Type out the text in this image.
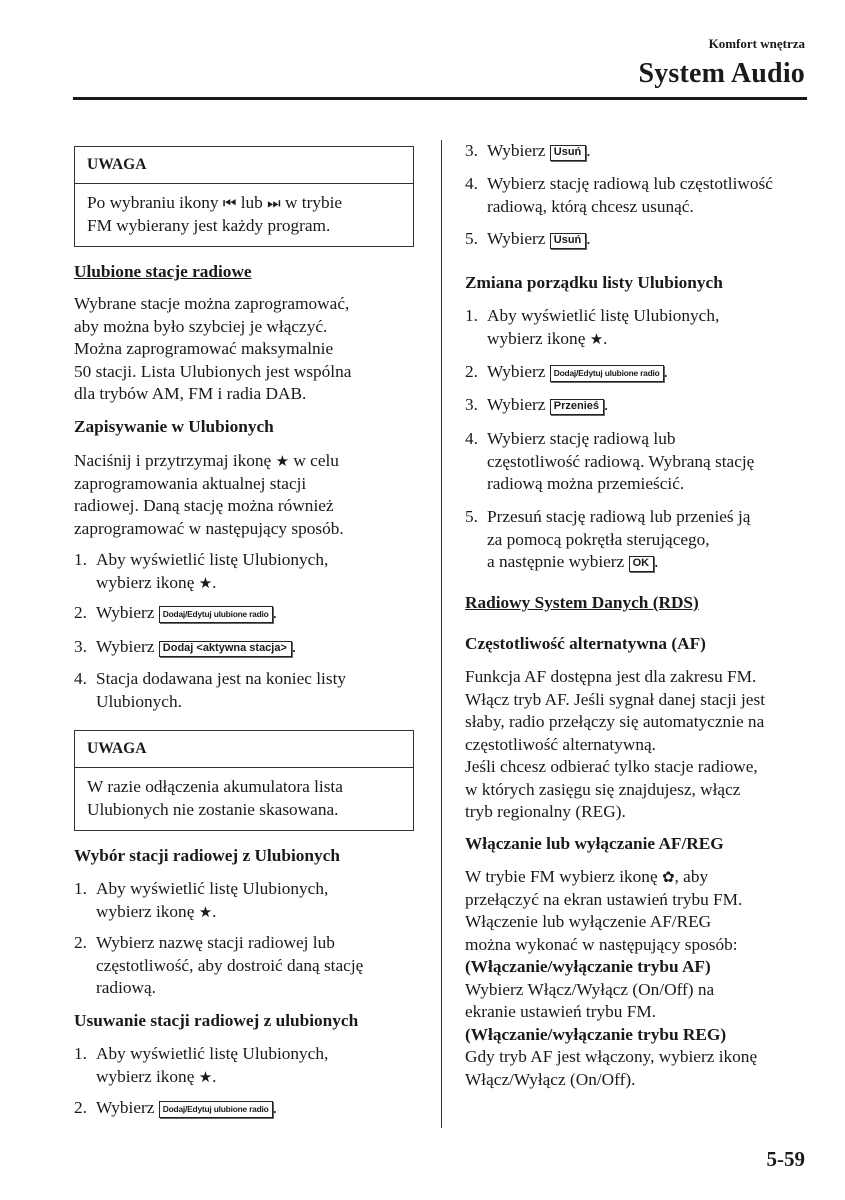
Komfort wnętrza
System Audio
UWAGA
Po wybraniu ikony ⏮ lub ⏭ w trybie
FM wybierany jest każdy program.
Ulubione stacje radiowe

Wybrane stacje można zaprogramować,

aby można było szybciej je włączyć.

Można zaprogramować maksymalnie

50 stacji. Lista Ulubionych jest wspólna

dla trybów AM, FM i radia DAB.

Zapisywanie w Ulubionych

Naciśnij i przytrzymaj ikonę ★ w celu

zaprogramowania aktualnej stacji

radiowej. Daną stację można również

zaprogramować w następujący sposób.

1. Aby wyświetlić listę Ulubionych,

wybierz ikonę ★.

2. Wybierz Dodaj/Edytuj ulubione radio .
3. Wybierz Dodaj <aktywna stacja> .
4. Stacja dodawana jest na koniec listy

Ulubionych.

UWAGA

W razie odłączenia akumulatora lista

Ulubionych nie zostanie skasowana.

Wybór stacji radiowej z Ulubionych
1. Aby wyświetlić listę Ulubionych,

wybierz ikonę ★.

2. Wybierz nazwę stacji radiowej lub

częstotliwość, aby dostroić daną stację

radiową.

Usuwanie stacji radiowej z ulubionych
1. Aby wyświetlić listę Ulubionych,

wybierz ikonę ★.

2. Wybierz Dodaj/Edytuj ulubione radio .
3. Wybierz Usuń .
4. Wybierz stację radiową lub częstotliwość

radiową, którą chcesz usunąć.

5. Wybierz Usuń .
Zmiana porządku listy Ulubionych
1. Aby wyświetlić listę Ulubionych,

wybierz ikonę ★.

2. Wybierz Dodaj/Edytuj ulubione radio .
3. Wybierz Przenieś .
4. Wybierz stację radiową lub

częstotliwość radiową. Wybraną stację

radiową można przemieścić.

5. Przesuń stację radiową lub przenieś ją

za pomocą pokrętła sterującego,

a następnie wybierz OK .

Radiowy System Danych (RDS)
Częstotliwość alternatywna (AF)

Funkcja AF dostępna jest dla zakresu FM.

Włącz tryb AF. Jeśli sygnał danej stacji jest

słaby, radio przełączy się automatycznie na

częstotliwość alternatywną.

Jeśli chcesz odbierać tylko stacje radiowe,

w których zasięgu się znajdujesz, włącz

tryb regionalny (REG).

Włączanie lub wyłączanie AF/REG

W trybie FM wybierz ikonę ✿, aby

przełączyć na ekran ustawień trybu FM.

Włączenie lub wyłączenie AF/REG

można wykonać w następujący sposób:

(Włączanie/wyłączanie trybu AF)

Wybierz Włącz/Wyłącz (On/Off) na

ekranie ustawień trybu FM.

(Włączanie/wyłączanie trybu REG)

Gdy tryb AF jest włączony, wybierz ikonę

Włącz/Wyłącz (On/Off).

5-59
